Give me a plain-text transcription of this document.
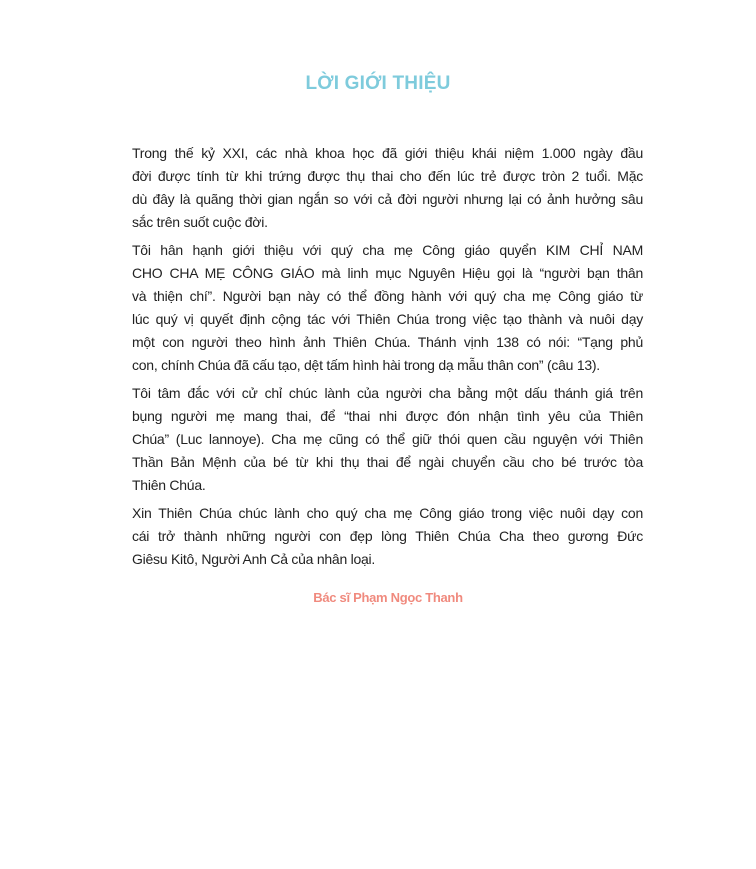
LỜI GIỚI THIỆU
Trong thế kỷ XXI, các nhà khoa học đã giới thiệu khái niệm 1.000 ngày đầu
đời được tính từ khi trứng được thụ thai cho đến lúc trẻ được tròn 2 tuổi. Mặc
dù đây là quãng thời gian ngắn so với cả đời người nhưng lại có ảnh hưởng sâu
sắc trên suốt cuộc đời.
Tôi hân hạnh giới thiệu với quý cha mẹ Công giáo quyển KIM CHỈ NAM
CHO CHA MẸ CÔNG GIÁO mà linh mục Nguyên Hiệu gọi là “người bạn thân
và thiện chí”. Người bạn này có thể đồng hành với quý cha mẹ Công giáo từ
lúc quý vị quyết định cộng tác với Thiên Chúa trong việc tạo thành và nuôi dạy
một con người theo hình ảnh Thiên Chúa. Thánh vịnh 138 có nói: “Tạng phủ
con, chính Chúa đã cấu tạo, dệt tấm hình hài trong dạ mẫu thân con” (câu 13).
Tôi tâm đắc với cử chỉ chúc lành của người cha bằng một dấu thánh giá trên
bụng người mẹ mang thai, để “thai nhi được đón nhận tình yêu của Thiên
Chúa” (Luc lannoye). Cha mẹ cũng có thể giữ thói quen cầu nguyện với Thiên
Thần Bản Mệnh của bé từ khi thụ thai để ngài chuyển cầu cho bé trước tòa
Thiên Chúa.
Xin Thiên Chúa chúc lành cho quý cha mẹ Công giáo trong việc nuôi dạy con
cái trở thành những người con đẹp lòng Thiên Chúa Cha theo gương Đức
Giêsu Kitô, Người Anh Cả của nhân loại.
Bác sĩ Phạm Ngọc Thanh
